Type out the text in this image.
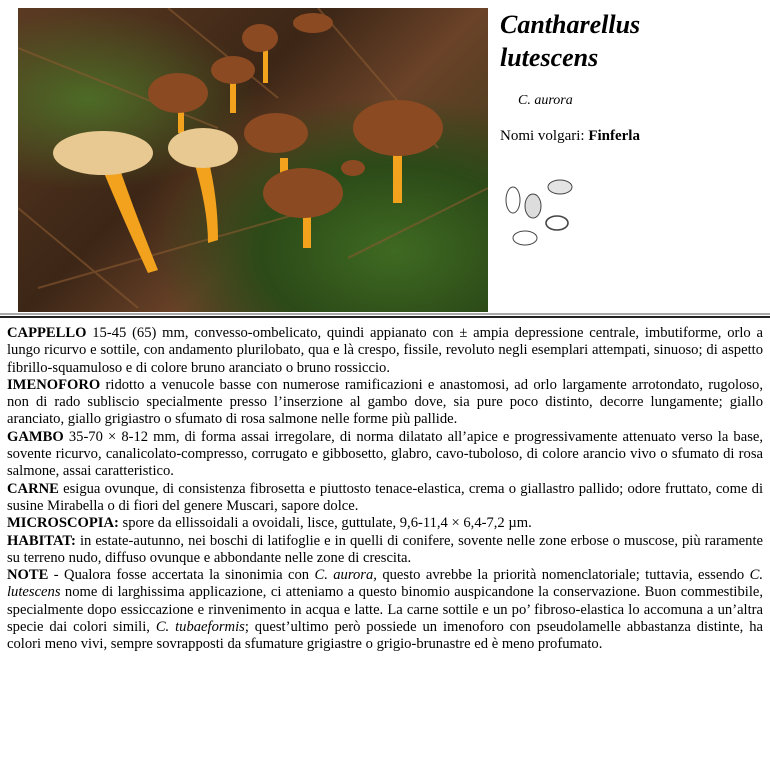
Cantharellus
lutescens
C. aurora
Nomi volgari: Finferla

CAPPELLO 15-45 (65) mm, convesso-ombelicato, quindi appianato con ± ampia depressione centrale, imbutiforme, orlo a lungo ricurvo e sottile, con andamento plurilobato, qua e là crespo, fissile, revoluto negli esemplari attempati, sinuoso; di aspetto fibrillo-squamuloso e di colore bruno aranciato o bruno rossiccio.

IMENOFORO ridotto a venucole basse con numerose ramificazioni e anastomosi, ad orlo largamente arrotondato, rugoloso, non di rado subliscio specialmente presso l’inserzione al gambo dove, sia pure poco distinto, decorre lungamente; giallo aranciato, giallo grigiastro o sfumato di rosa salmone nelle forme più pallide.

GAMBO 35-70 × 8-12 mm, di forma assai irregolare, di norma dilatato all’apice e progressivamente attenuato verso la base, sovente ricurvo, canalicolato-compresso, corrugato e gibbosetto, glabro, cavo-tuboloso, di colore arancio vivo o sfumato di rosa salmone, assai caratteristico.

CARNE esigua ovunque, di consistenza fibrosetta e piuttosto tenace-elastica, crema o giallastro pallido; odore fruttato, come di susine Mirabella o di fiori del genere Muscari, sapore dolce.

MICROSCOPIA: spore da ellissoidali a ovoidali, lisce, guttulate, 9,6-11,4 × 6,4-7,2 µm.

HABITAT: in estate-autunno, nei boschi di latifoglie e in quelli di conifere, sovente nelle zone erbose o muscose, più raramente su terreno nudo, diffuso ovunque e abbondante nelle zone di crescita.

NOTE - Qualora fosse accertata la sinonimia con C. aurora, questo avrebbe la priorità nomenclatoriale; tuttavia, essendo C. lutescens nome di larghissima applicazione, ci atteniamo a questo binomio auspicandone la conservazione. Buon commestibile, specialmente dopo essiccazione e rinvenimento in acqua e latte. La carne sottile e un po’ fibroso-elastica lo accomuna a un’altra specie dai colori simili, C. tubaeformis; quest’ultimo però possiede un imenoforo con pseudolamelle abbastanza distinte, ha colori meno vivi, sempre sovrapposti da sfumature grigiastre o grigio-brunastre ed è meno profumato.
